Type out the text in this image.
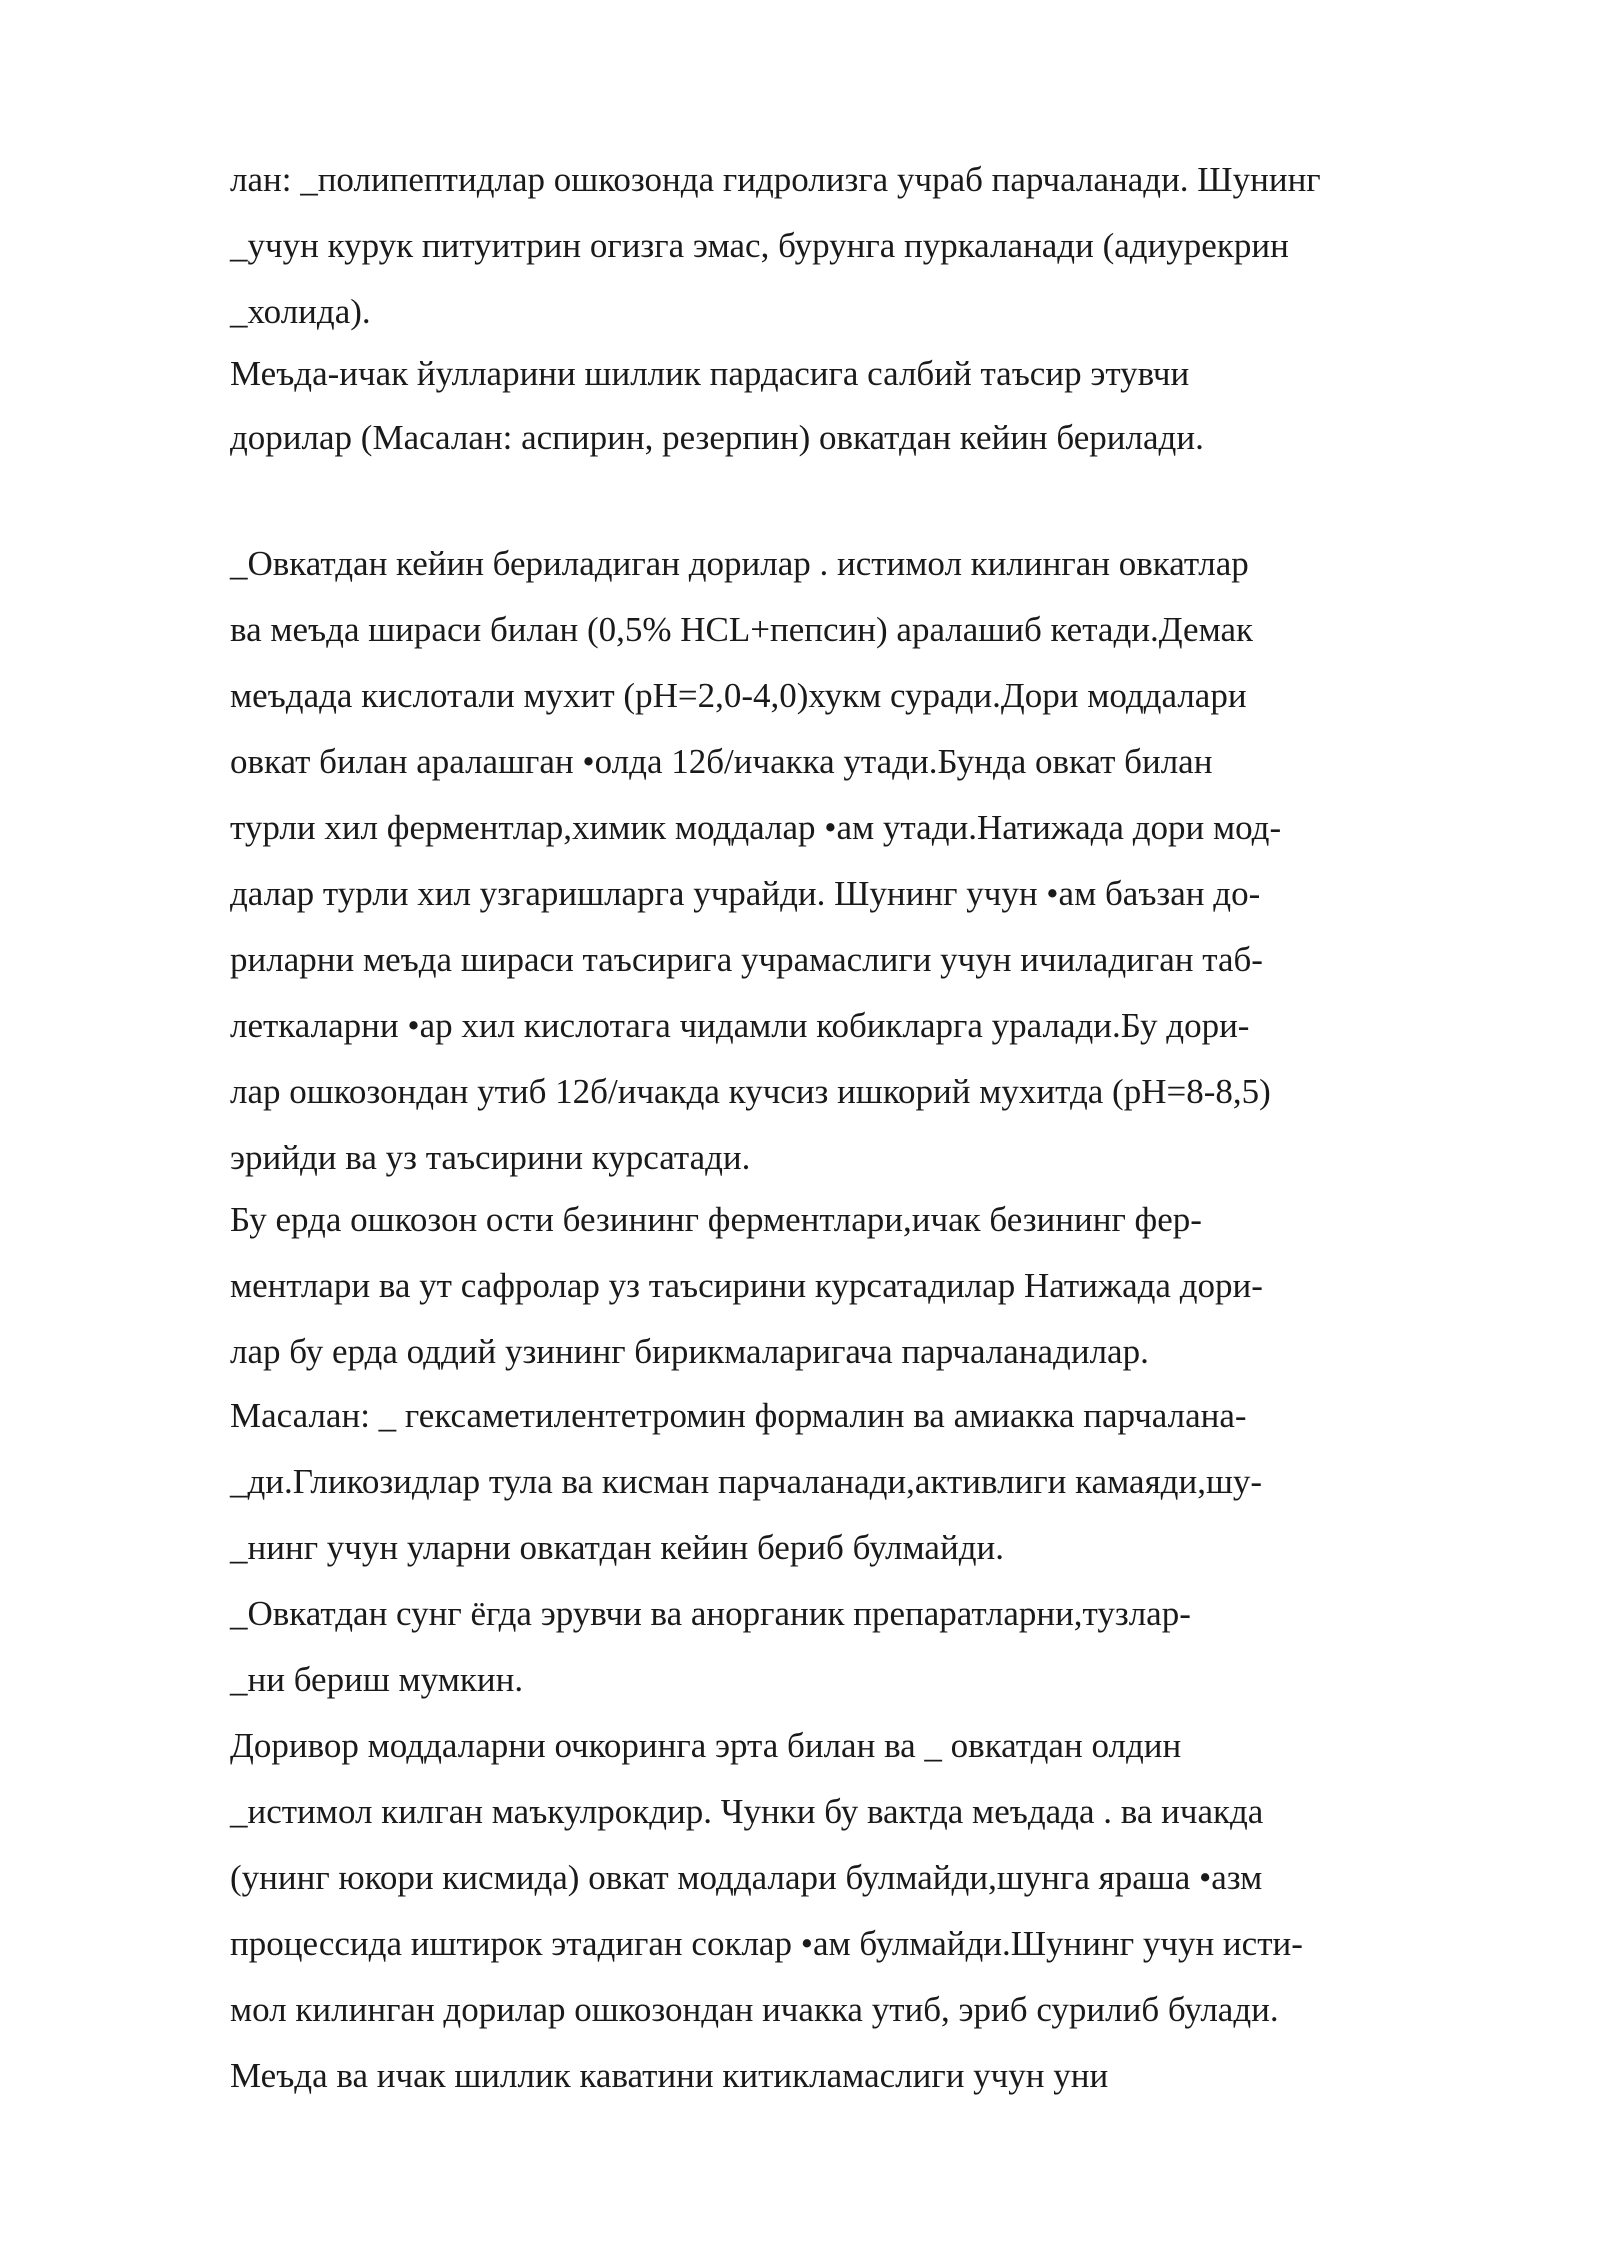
лан: _полипептидлар ошкозонда гидролизга учраб парчаланади. Шунинг
_учун курук питуитрин огизга эмас, бурунга пуркаланади (адиурекрин
_холида).
Меъда-ичак йулларини шиллик пардасига салбий таъсир этувчи
дорилар (Масалан: аспирин, резерпин) овкатдан кейин берилади.
_Овкатдан кейин бериладиган дорилар . истимол килинган овкатлар
ва меъда шираси билан (0,5% HCL+пепсин) аралашиб кетади.Демак
меъдада кислотали мухит (pH=2,0-4,0)хукм суради.Дори моддалари
овкат билан аралашган •олда 12б/ичакка утади.Бунда овкат билан
турли хил ферментлар,химик моддалар •ам утади.Натижада дори мод-
далар турли хил узгаришларга учрайди. Шунинг учун •ам баъзан до-
риларни меъда шираси таъсирига учрамаслиги учун ичиладиган таб-
леткаларни •ар хил кислотага чидамли кобикларга уралади.Бу дори-
лар ошкозондан утиб 12б/ичакда кучсиз ишкорий мухитда (рН=8-8,5)
эрийди ва уз таъсирини курсатади.
Бу ерда ошкозон ости безининг ферментлари,ичак безининг фер-
ментлари ва ут сафролар уз таъсирини курсатадилар Натижада дори-
лар бу ерда оддий узининг бирикмаларигача парчаланадилар.
Масалан: _ гексаметилентетромин формалин ва амиакка парчалана-
_ди.Гликозидлар тула ва кисман парчаланади,активлиги камаяди,шу-
_нинг учун уларни овкатдан кейин бериб булмайди.
_Овкатдан сунг ёгда эрувчи ва анорганик препаратларни,тузлар-
_ни бериш мумкин.
Доривор моддаларни очкоринга эрта билан ва _ овкатдан олдин
_истимол килган маъкулрокдир. Чунки бу вактда меъдада . ва ичакда
(унинг юкори кисмида) овкат моддалари булмайди,шунга яраша •азм
процессида иштирок этадиган соклар •ам булмайди.Шунинг учун исти-
мол килинган дорилар ошкозондан ичакка утиб, эриб сурилиб булади.
Меъда ва ичак шиллик каватини китикламаслиги учун уни
